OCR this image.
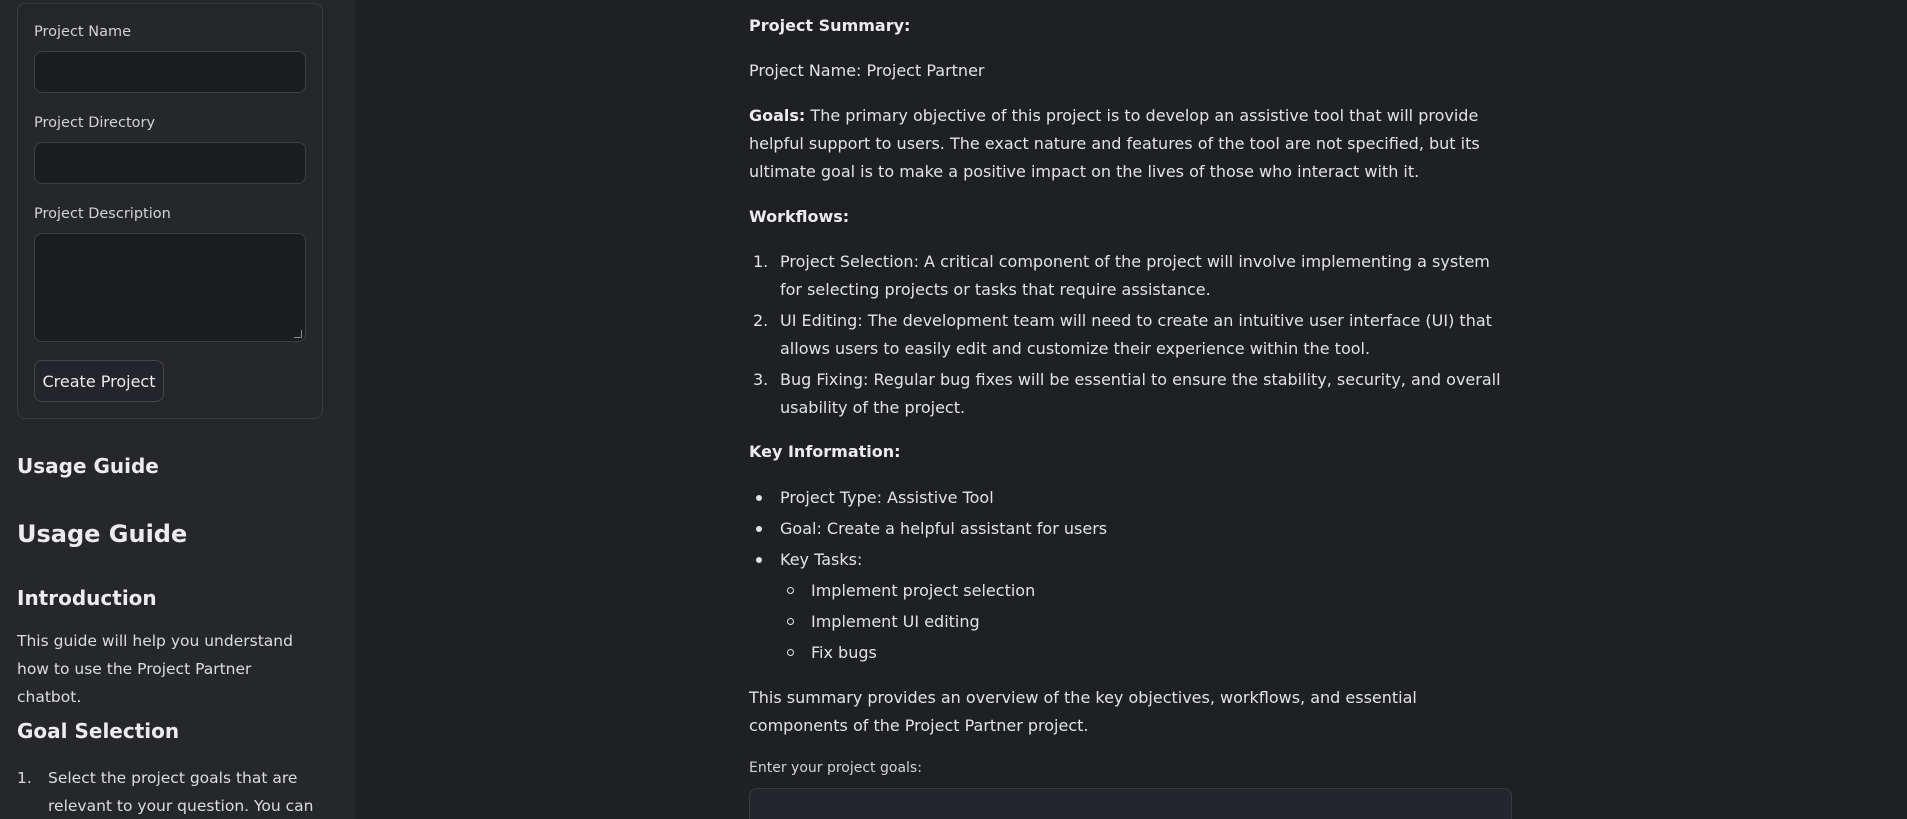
Project Name
Project Directory
Project Description
Create Project
Usage Guide
Usage Guide
Introduction
This guide will help you understand how to use the Project Partner chatbot.
Goal Selection
1. Select the project goals that are relevant to your question. You can
Project Summary:
Project Name: Project Partner
Goals: The primary objective of this project is to develop an assistive tool that will provide helpful support to users. The exact nature and features of the tool are not specified, but its ultimate goal is to make a positive impact on the lives of those who interact with it.
Workflows:
1. Project Selection: A critical component of the project will involve implementing a system for selecting projects or tasks that require assistance.
2. UI Editing: The development team will need to create an intuitive user interface (UI) that allows users to easily edit and customize their experience within the tool.
3. Bug Fixing: Regular bug fixes will be essential to ensure the stability, security, and overall usability of the project.
Key Information:
Project Type: Assistive Tool
Goal: Create a helpful assistant for users
Key Tasks:
Implement project selection
Implement UI editing
Fix bugs
This summary provides an overview of the key objectives, workflows, and essential components of the Project Partner project.
Enter your project goals:
